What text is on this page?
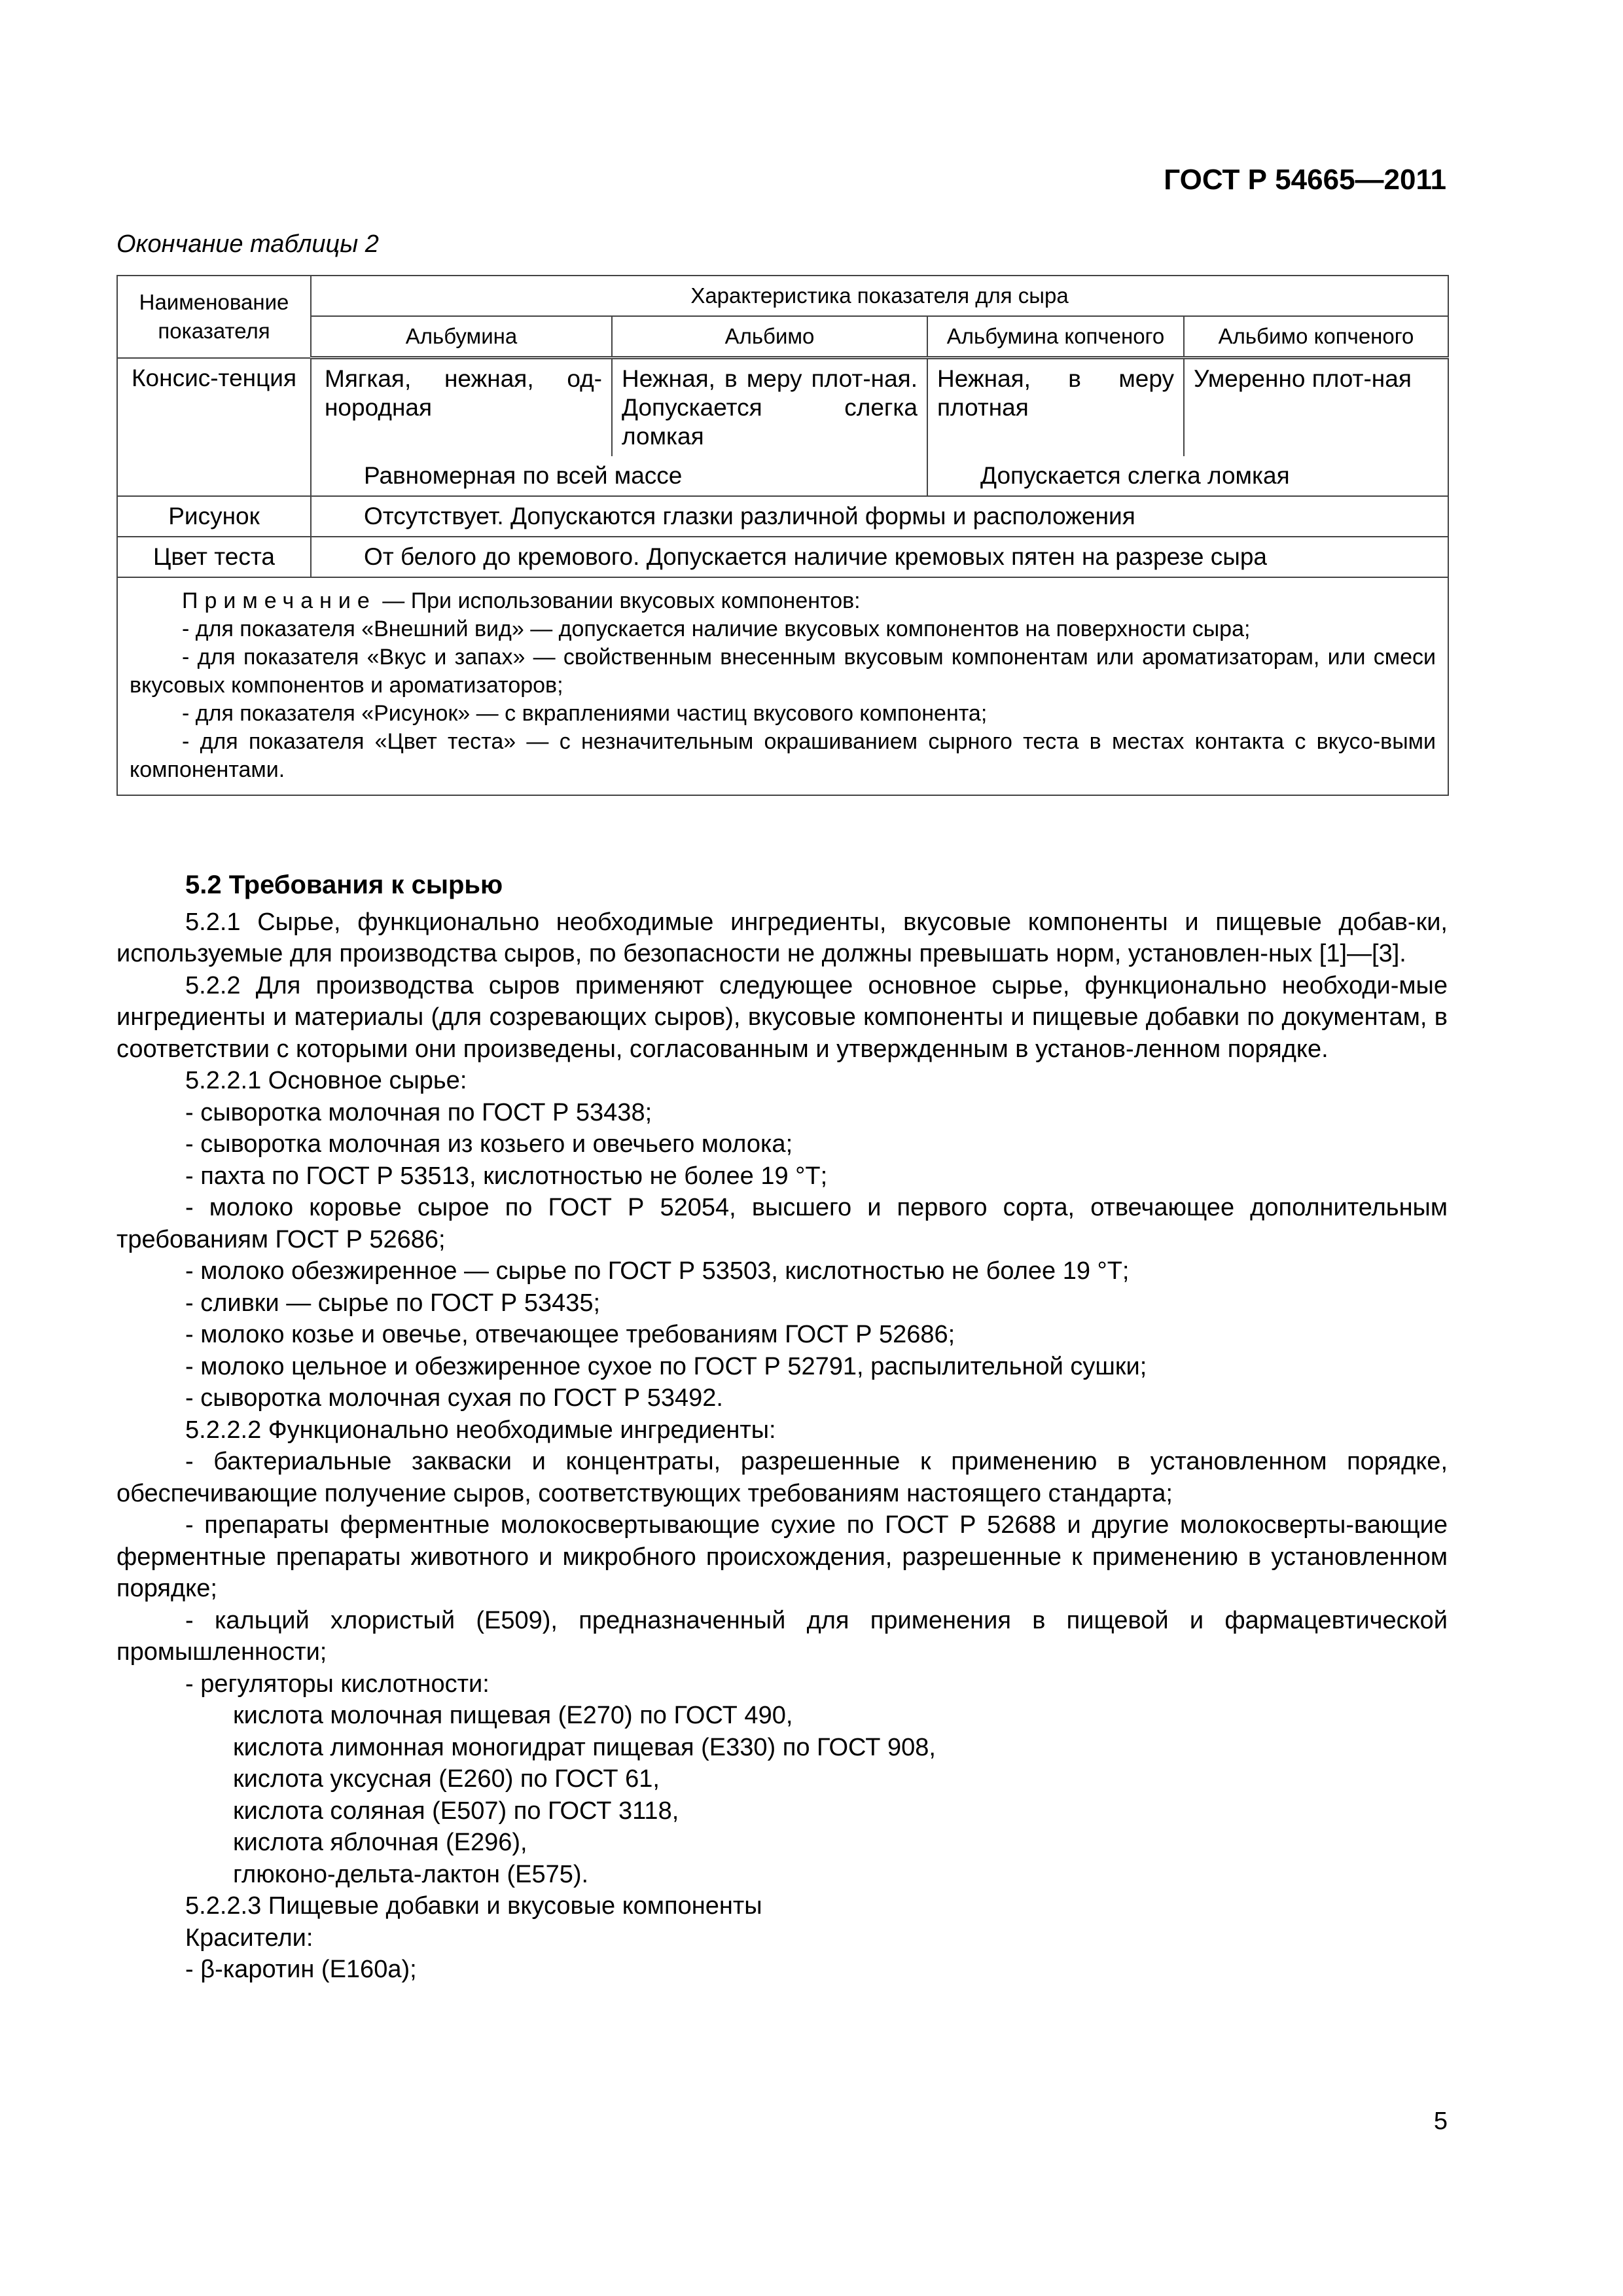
ГОСТ Р 54665—2011
Окончание таблицы 2
Наименование показателя	Характеристика показателя для сыра			
	Альбумина	Альбимо	Альбумина копченого	Альбимо копченого
Консис-тенция	Мягкая, нежная, од-нородная	Нежная, в меру плот-ная. Допускается слегка ломкая	Нежная, в меру плотная	Умеренно плот-ная
	Равномерная по всей массе		Допускается слегка ломкая	
Рисунок	Отсутствует. Допускаются глазки различной формы и расположения			
Цвет теста	От белого до кремового. Допускается наличие кремовых пятен на разрезе сыра			

Примечание — При использовании вкусовых компонентов:

- для показателя «Внешний вид» — допускается наличие вкусовых компонентов на поверхности сыра;

- для показателя «Вкус и запах» — свойственным внесенным вкусовым компонентам или ароматизаторам, или смеси вкусовых компонентов и ароматизаторов;

- для показателя «Рисунок» — с вкраплениями частиц вкусового компонента;

- для показателя «Цвет теста» — с незначительным окрашиванием сырного теста в местах контакта с вкусо-выми компонентами.				

5.2 Требования к сырью

5.2.1 Сырье, функционально необходимые ингредиенты, вкусовые компоненты и пищевые добав-ки, используемые для производства сыров, по безопасности не должны превышать норм, установлен-ных [1]—[3].

5.2.2 Для производства сыров применяют следующее основное сырье, функционально необходи-мые ингредиенты и материалы (для созревающих сыров), вкусовые компоненты и пищевые добавки по документам, в соответствии с которыми они произведены, согласованным и утвержденным в установ-ленном порядке.

5.2.2.1 Основное сырье:

- сыворотка молочная по ГОСТ Р 53438;

- сыворотка молочная из козьего и овечьего молока;

- пахта по ГОСТ Р 53513, кислотностью не более 19 °Т;

- молоко коровье сырое по ГОСТ Р 52054, высшего и первого сорта, отвечающее дополнительным требованиям ГОСТ Р 52686;

- молоко обезжиренное — сырье по ГОСТ Р 53503, кислотностью не более 19 °Т;

- сливки — сырье по ГОСТ Р 53435;

- молоко козье и овечье, отвечающее требованиям ГОСТ Р 52686;

- молоко цельное и обезжиренное сухое по ГОСТ Р 52791, распылительной сушки;

- сыворотка молочная сухая по ГОСТ Р 53492.

5.2.2.2 Функционально необходимые ингредиенты:

- бактериальные закваски и концентраты, разрешенные к применению в установленном порядке, обеспечивающие получение сыров, соответствующих требованиям настоящего стандарта;

- препараты ферментные молокосвертывающие сухие по ГОСТ Р 52688 и другие молокосверты-вающие ферментные препараты животного и микробного происхождения, разрешенные к применению в установленном порядке;

- кальций хлористый (Е509), предназначенный для применения в пищевой и фармацевтической промышленности;

- регуляторы кислотности:

кислота молочная пищевая (Е270) по ГОСТ 490,

кислота лимонная моногидрат пищевая (Е330) по ГОСТ 908,

кислота уксусная (Е260) по ГОСТ 61,

кислота соляная (Е507) по ГОСТ 3118,

кислота яблочная (Е296),

глюконо-дельта-лактон (Е575).

5.2.2.3 Пищевые добавки и вкусовые компоненты

Красители:

- β-каротин (Е160а);

5
